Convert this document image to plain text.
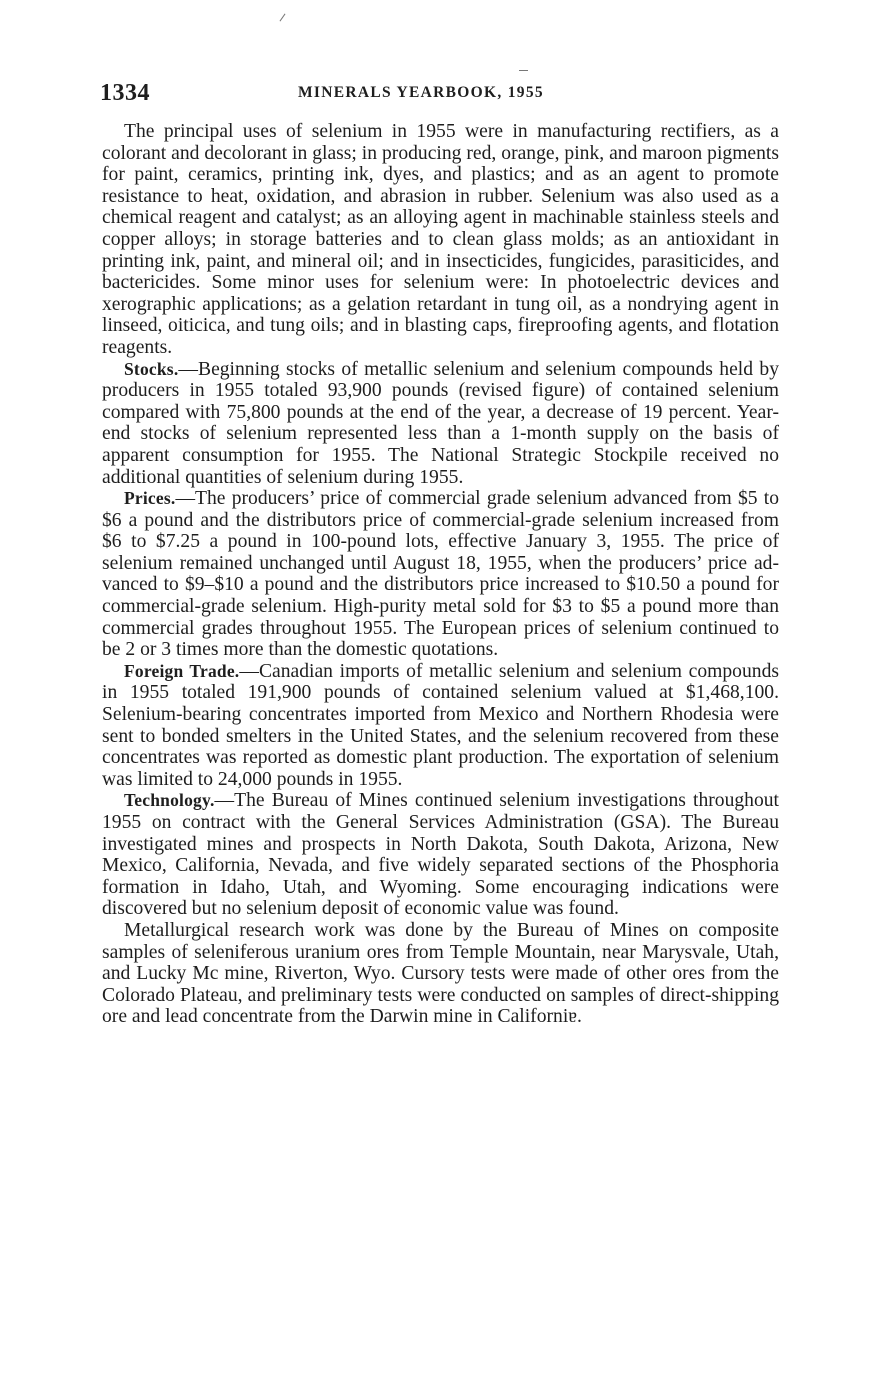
1334	MINERALS YEARBOOK, 1955

The principal uses of selenium in 1955 were in manufacturing rectifiers, as a colorant and decolorant in glass; in producing red, orange, pink, and maroon pigments for paint, ceramics, printing ink, dyes, and plastics; and as an agent to promote resistance to heat, oxidation, and abrasion in rubber. Selenium was also used as a chemical reagent and catalyst; as an alloying agent in machinable stainless steels and copper alloys; in storage batteries and to clean glass molds; as an antioxidant in printing ink, paint, and mineral oil; and in insecticides, fungicides, parasiticides, and bactericides. Some minor uses for selenium were: In photoelectric devices and xerographic applications; as a gelation retardant in tung oil, as a nondrying agent in linseed, oiticica, and tung oils; and in blasting caps, fireproofing agents, and flotation reagents.

Stocks.—Beginning stocks of metallic selenium and selenium compounds held by producers in 1955 totaled 93,900 pounds (revised figure) of contained selenium compared with 75,800 pounds at the end of the year, a decrease of 19 percent. Year-end stocks of selenium represented less than a 1-month supply on the basis of apparent consumption for 1955. The National Strategic Stockpile received no additional quantities of selenium during 1955.

Prices.—The producers’ price of commercial grade selenium advanced from $5 to $6 a pound and the distributors price of commercial-grade selenium increased from $6 to $7.25 a pound in 100-pound lots, effective January 3, 1955. The price of selenium remained unchanged until August 18, 1955, when the producers’ price advanced to $9–$10 a pound and the distributors price increased to $10.50 a pound for commercial-grade selenium. High-purity metal sold for $3 to $5 a pound more than commercial grades throughout 1955. The European prices of selenium continued to be 2 or 3 times more than the domestic quotations.

Foreign Trade.—Canadian imports of metallic selenium and selenium compounds in 1955 totaled 191,900 pounds of contained selenium valued at $1,468,100. Selenium-bearing concentrates imported from Mexico and Northern Rhodesia were sent to bonded smelters in the United States, and the selenium recovered from these concentrates was reported as domestic plant production. The exportation of selenium was limited to 24,000 pounds in 1955.

Technology.—The Bureau of Mines continued selenium investigations throughout 1955 on contract with the General Services Administration (GSA). The Bureau investigated mines and prospects in North Dakota, South Dakota, Arizona, New Mexico, California, Nevada, and five widely separated sections of the Phosphoria formation in Idaho, Utah, and Wyoming. Some encouraging indications were discovered but no selenium deposit of economic value was found.

Metallurgical research work was done by the Bureau of Mines on composite samples of seleniferous uranium ores from Temple Mountain, near Marysvale, Utah, and Lucky Mc mine, Riverton, Wyo. Cursory tests were made of other ores from the Colorado Plateau, and preliminary tests were conducted on samples of direct-shipping ore and lead concentrate from the Darwin mine in Californiɐ.
